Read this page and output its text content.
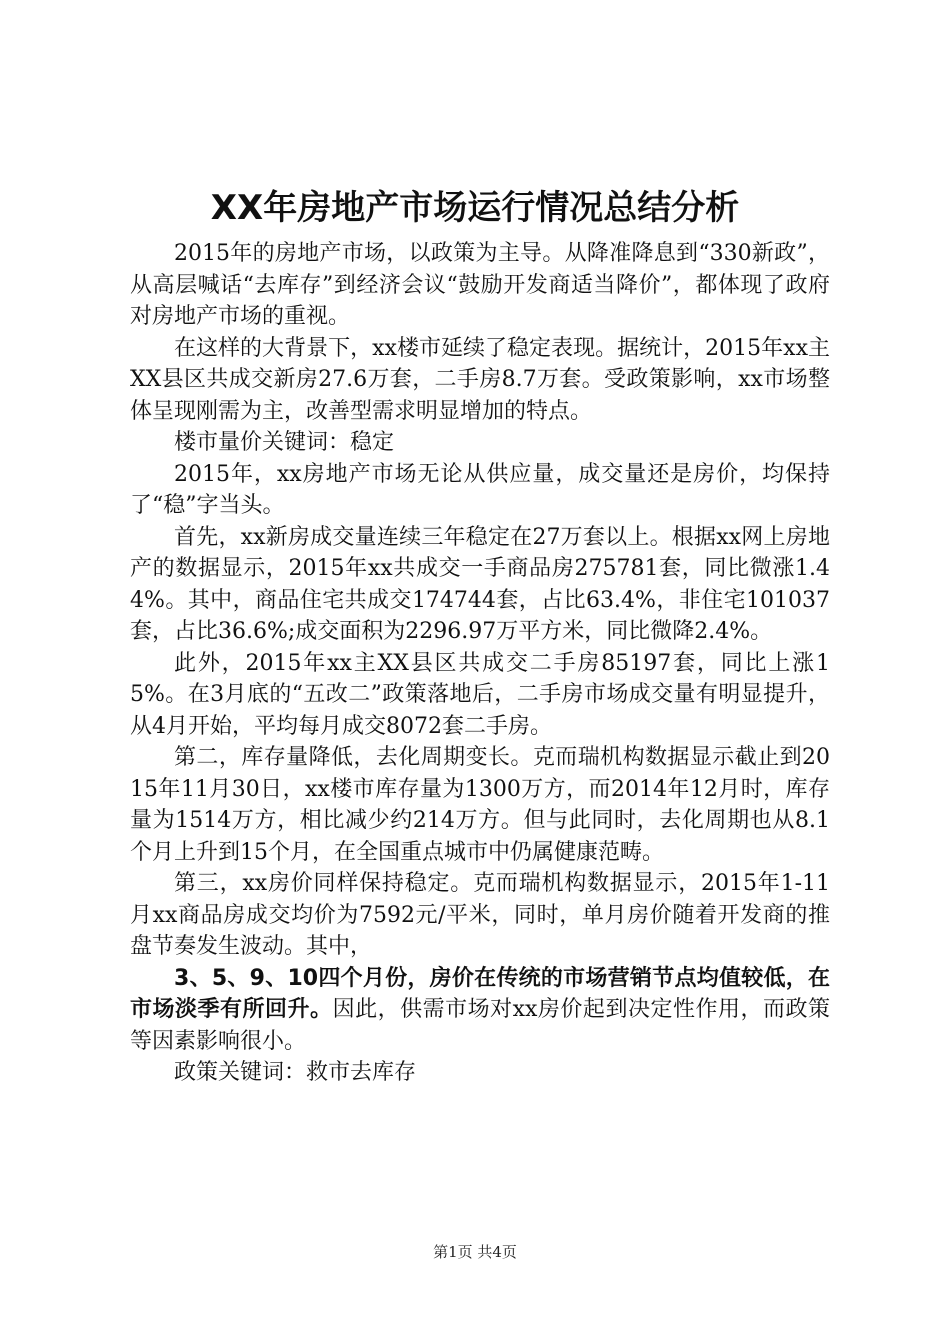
XX年房地产市场运行情况总结分析

2015年的房地产市场，以政策为主导。从降准降息到“330新政”，从高层喊话“去库存”到经济会议“鼓励开发商适当降价”，都体现了政府对房地产市场的重视。

在这样的大背景下，xx楼市延续了稳定表现。据统计，2015年xx主XX县区共成交新房27.6万套，二手房8.7万套。受政策影响，xx市场整体呈现刚需为主，改善型需求明显增加的特点。

楼市量价关键词：稳定

2015年，xx房地产市场无论从供应量，成交量还是房价，均保持了“稳”字当头。

首先，xx新房成交量连续三年稳定在27万套以上。根据xx网上房地产的数据显示，2015年xx共成交一手商品房275781套，同比微涨1.44%。其中，商品住宅共成交174744套，占比63.4%，非住宅101037套，占比36.6%;成交面积为2296.97万平方米，同比微降2.4%。

此外，2015年xx主XX县区共成交二手房85197套，同比上涨15%。在3月底的“五改二”政策落地后，二手房市场成交量有明显提升，从4月开始，平均每月成交8072套二手房。

第二，库存量降低，去化周期变长。克而瑞机构数据显示截止到2015年11月30日，xx楼市库存量为1300万方，而2014年12月时，库存量为1514万方，相比减少约214万方。但与此同时，去化周期也从8.1个月上升到15个月，在全国重点城市中仍属健康范畴。

第三，xx房价同样保持稳定。克而瑞机构数据显示，2015年1-11月xx商品房成交均价为7592元/平米，同时，单月房价随着开发商的推盘节奏发生波动。其中，

3、5、9、10四个月份，房价在传统的市场营销节点均值较低，在市场淡季有所回升。因此，供需市场对xx房价起到决定性作用，而政策等因素影响很小。

政策关键词：救市去库存

第1页 共4页
